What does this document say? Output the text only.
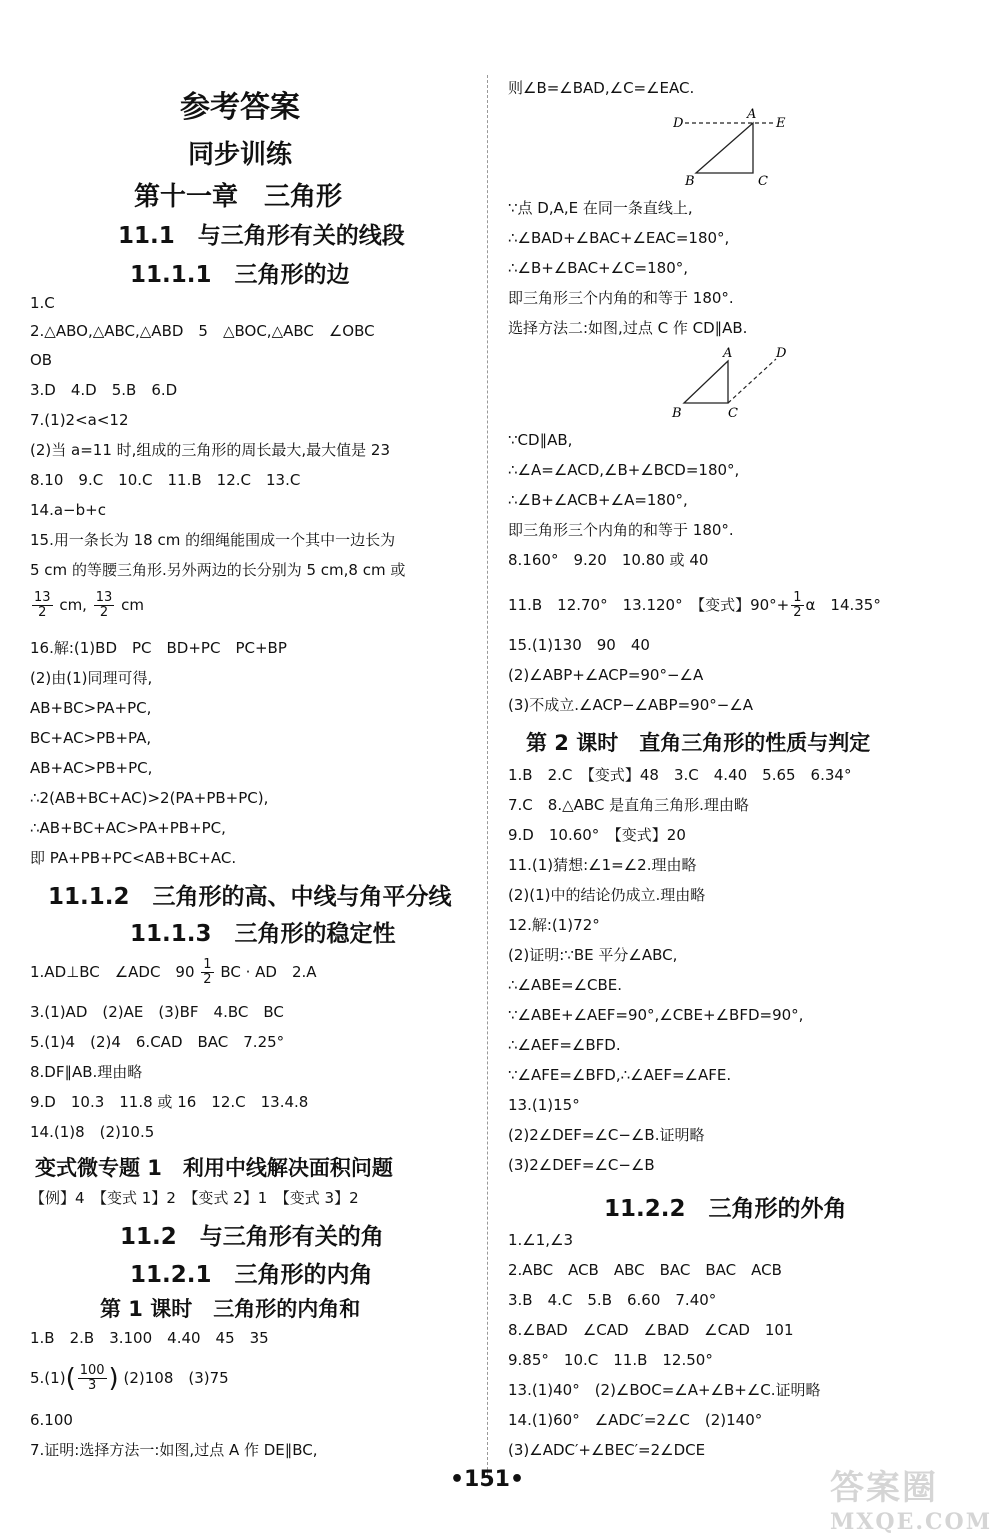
参考答案
同步训练
第十一章　三角形
11.1　与三角形有关的线段
11.1.1　三角形的边
1.C
2.△ABO,△ABC,△ABD　5　△BOC,△ABC　∠OBC
OB
3.D　4.D　5.B　6.D
7.(1)2<a<12
(2)当 a=11 时,组成的三角形的周长最大,最大值是 23
8.10　9.C　10.C　11.B　12.C　13.C
14.a−b+c
15.用一条长为 18 cm 的细绳能围成一个其中一边长为
5 cm 的等腰三角形.另外两边的长分别为 5 cm,8 cm 或
$\frac{13}{2}$ cm, $\frac{13}{2}$ cm
16.解:(1)BD　PC　BD+PC　PC+BP
(2)由(1)同理可得,
AB+BC>PA+PC,
BC+AC>PB+PA,
AB+AC>PB+PC,
∴2(AB+BC+AC)>2(PA+PB+PC),
∴AB+BC+AC>PA+PB+PC,
即 PA+PB+PC<AB+BC+AC.
11.1.2　三角形的高、中线与角平分线
11.1.3　三角形的稳定性
1.AD⊥BC　∠ADC　$90 \frac{1}{2}$ BC · AD　2.A
3.(1)AD　(2)AE　(3)BF　4.BC　BC
5.(1)4　(2)4　6.CAD　BAC　7.25°
8.DF∥AB.理由略
9.D　10.3　11.8 或 16　12.C　13.4.8
14.(1)8　(2)10.5
变式微专题 1　利用中线解决面积问题
【例】4　【变式 1】2　【变式 2】1　【变式 3】2
11.2　与三角形有关的角
11.2.1　三角形的内角
第 1 课时　三角形的内角和
1.B　2.B　3.100　4.40　45　35
$5.(1)( \frac{100}{3}$ ) (2)108　(3)75
6.100
7.证明:选择方法一:如图,过点 A 作 DE∥BC,
则∠B=∠BAD,∠C=∠EAC.
D
A
E
B	C
∵点 D,A,E 在同一条直线上,
∴∠BAD+∠BAC+∠EAC=180°,
∴∠B+∠BAC+∠C=180°,
即三角形三个内角的和等于 180°.
选择方法二:如图,过点 C 作 CD∥AB.
A	D
B	C
∵CD∥AB,
∴∠A=∠ACD,∠B+∠BCD=180°,
∴∠B+∠ACB+∠A=180°,
即三角形三个内角的和等于 180°.
8.160°　9.20　10.80 或 40
11.B　12.70°　13.120°　【变式】$90^\circ+ \frac{1}{2}$ α　14.35°
15.(1)130　90　40
(2)∠ABP+∠ACP=90°−∠A
(3)不成立.∠ACP−∠ABP=90°−∠A
第 2 课时　直角三角形的性质与判定
1.B　2.C　【变式】48　3.C　4.40　5.65　6.34°
7.C　8.△ABC 是直角三角形.理由略
9.D　10.60°　【变式】20
11.(1)猜想:∠1=∠2.理由略
(2)(1)中的结论仍成立.理由略
12.解:(1)72°
(2)证明:∵BE 平分∠ABC,
∴∠ABE=∠CBE.
∵∠ABE+∠AEF=90°,∠CBE+∠BFD=90°,
∴∠AEF=∠BFD.
∵∠AFE=∠BFD,∴∠AEF=∠AFE.
13.(1)15°
(2)2∠DEF=∠C−∠B.证明略
(3)2∠DEF=∠C−∠B
11.2.2　三角形的外角
1.∠1,∠3
2.ABC　ACB　ABC　BAC　BAC　ACB
3.B　4.C　5.B　6.60　7.40°
8.∠BAD　∠CAD　∠BAD　∠CAD　101
9.85°　10.C　11.B　12.50°
13.(1)40°　(2)∠BOC=∠A+∠B+∠C.证明略
14.(1)60°　∠ADC′=2∠C　(2)140°
(3)∠ADC′+∠BEC′=2∠DCE
•151•	答案圈
MXQE.COM
